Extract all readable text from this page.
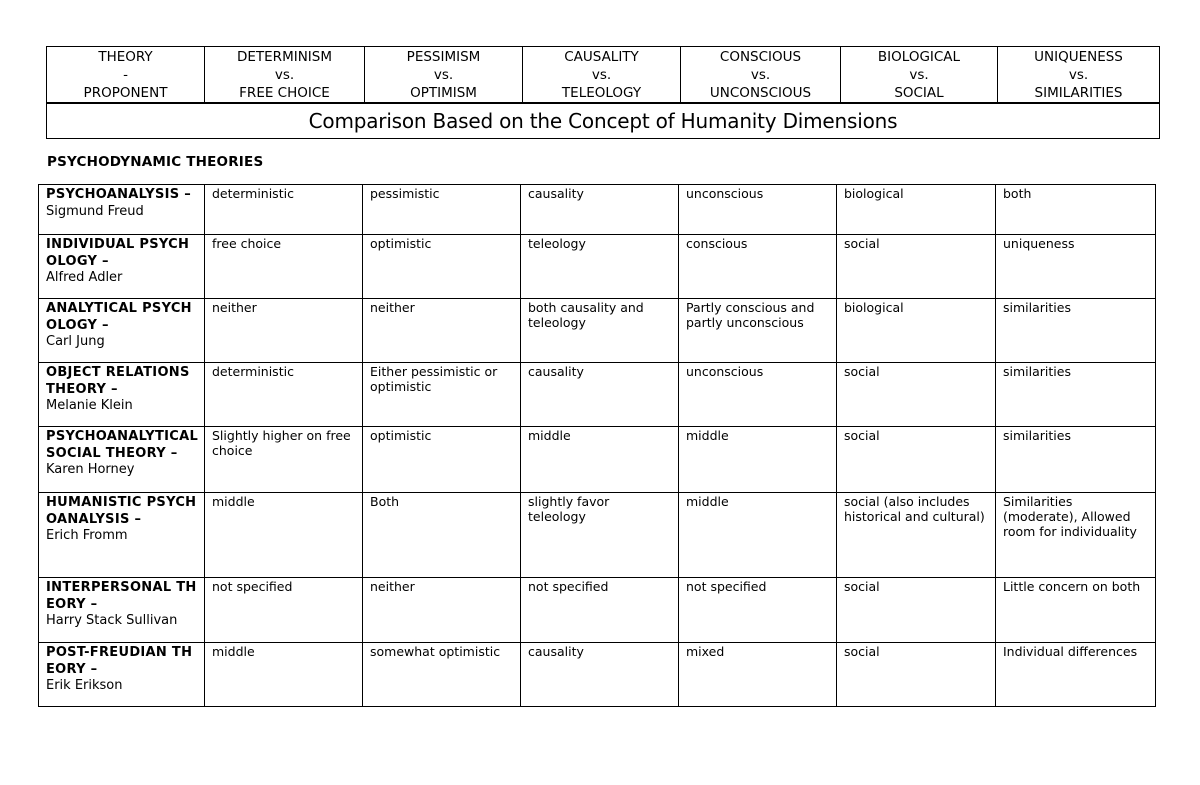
THEORY
-
PROPONENT

DETERMINISM
vs.
FREE CHOICE

PESSIMISM
vs.
OPTIMISM

CAUSALITY
vs.
TELEOLOGY

CONSCIOUS
vs.
UNCONSCIOUS

BIOLOGICAL
vs.
SOCIAL

UNIQUENESS
vs.
SIMILARITIES

Comparison Based on the Concept of Humanity Dimensions
PSYCHODYNAMIC THEORIES
PSYCHOANALYSIS –
Sigmund Freud	deterministic	pessimistic	causality	unconscious	biological	both
INDIVIDUAL PSYCHOLOGY –
Alfred Adler	free choice	optimistic	teleology	conscious	social	uniqueness
ANALYTICAL PSYCHOLOGY –
Carl Jung	neither	neither	both causality and teleology	Partly conscious and partly unconscious	biological	similarities
OBJECT RELATIONS THEORY –
Melanie Klein	deterministic	Either pessimistic or optimistic	causality	unconscious	social	similarities
PSYCHOANALYTICAL SOCIAL THEORY –
Karen Horney	Slightly higher on free choice	optimistic	middle	middle	social	similarities
HUMANISTIC PSYCHOANALYSIS –
Erich Fromm	middle	Both	slightly favor teleology	middle	social (also includes historical and cultural)	Similarities (moderate), Allowed room for individuality
INTERPERSONAL THEORY –
Harry Stack Sullivan	not specified	neither	not specified	not specified	social	Little concern on both
POST-FREUDIAN THEORY –
Erik Erikson	middle	somewhat optimistic	causality	mixed	social	Individual differences
